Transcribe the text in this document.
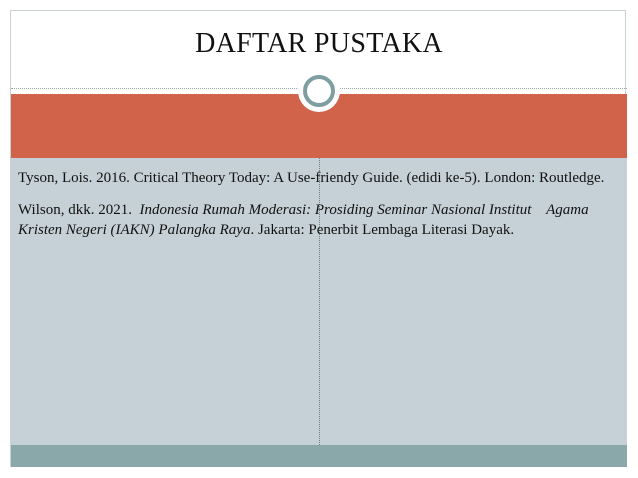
DAFTAR PUSTAKA

Tyson, Lois. 2016. Critical Theory Today: A Use-friendy Guide. (edidi ke-5). London: Routledge.

Wilson, dkk. 2021.  Indonesia Rumah Moderasi: Prosiding Seminar Nasional Institut    Agama Kristen Negeri (IAKN) Palangka Raya. Jakarta: Penerbit Lembaga Literasi Dayak.
